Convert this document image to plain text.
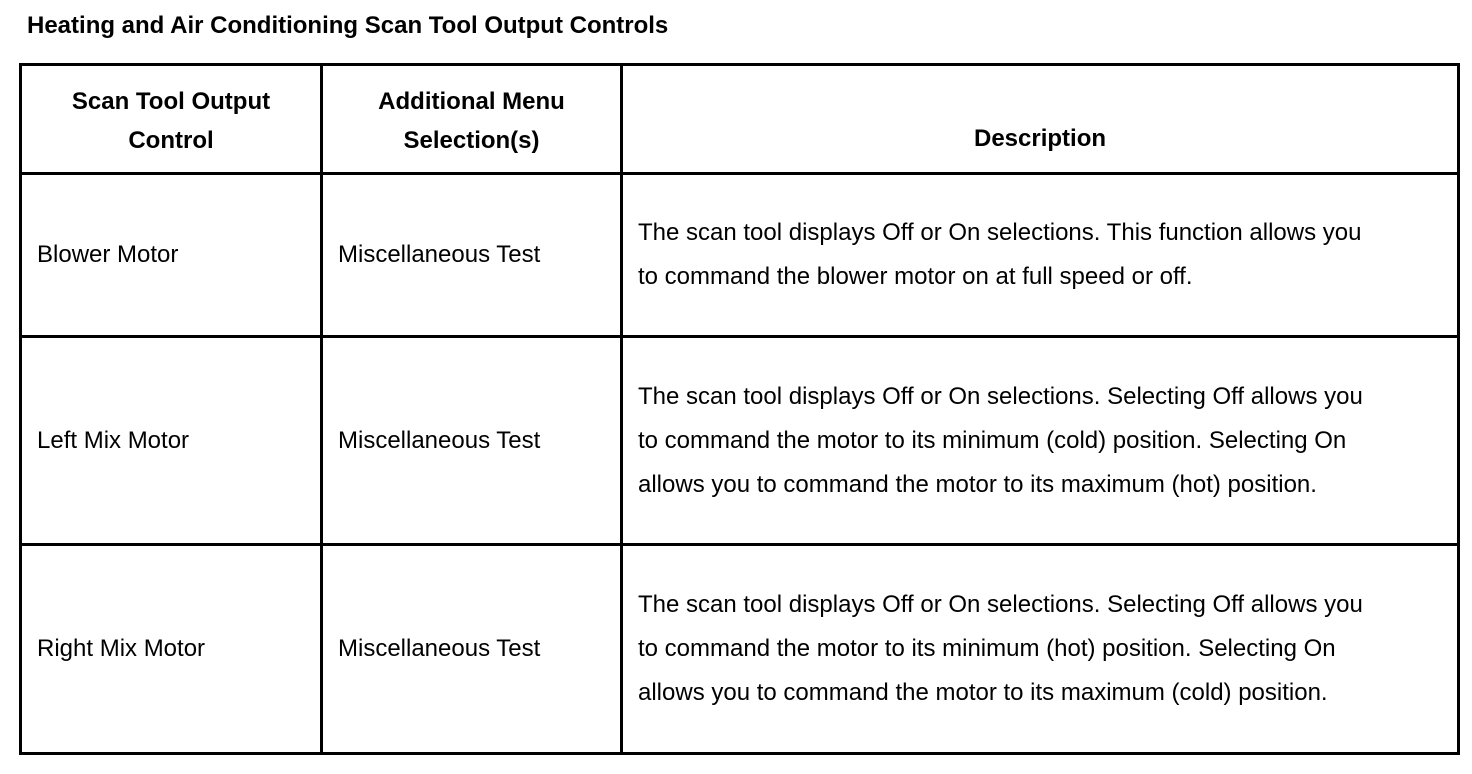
Heating and Air Conditioning Scan Tool Output Controls
Scan Tool Output Control	Additional Menu Selection(s)	Description

Blower Motor	Miscellaneous Test	The scan tool displays Off or On selections. This function allows you to command the blower motor on at full speed or off.

Left Mix Motor	Miscellaneous Test	The scan tool displays Off or On selections. Selecting Off allows you to command the motor to its minimum (cold) position. Selecting On allows you to command the motor to its maximum (hot) position.

Right Mix Motor	Miscellaneous Test	The scan tool displays Off or On selections. Selecting Off allows you to command the motor to its minimum (hot) position. Selecting On allows you to command the motor to its maximum (cold) position.
